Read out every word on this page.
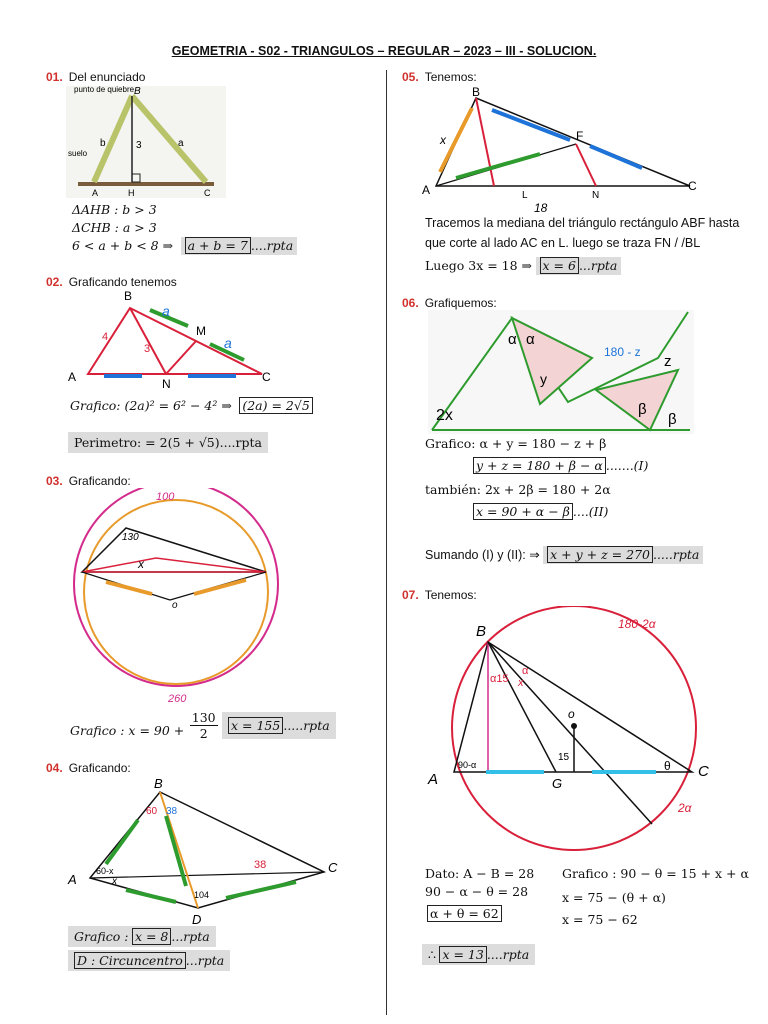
GEOMETRIA - S02 - TRIANGULOS – REGULAR – 2023 – III - SOLUCION.
01. Del enunciado
punto de quiebre B
suelo
b	a
3
A	H	C
ΔAHB : b > 3
ΔCHB : a > 3
6 < a + b < 8 ⇒ a + b = 7 ....rpta
02. Graficando tenemos
B
A	N	C
M
4
3
a
a
Grafico: (2a)² = 6² − 4² ⇒ (2a) = 2√5
Perimetro: = 2(5 + √5)....rpta
03. Graficando:
100
260
130
x
o
Grafico : $x = 90 + \frac{130}{2}$	x = 155 .....rpta
04. Graficando:
B
A
C
D
60 38
60-x
x
38
104
Grafico : x = 8 ...rpta
D : Circuncentro ...rpta
05. Tenemos:
B
A	C
F
N
L
18
x
Tracemos la mediana del triángulo rectángulo ABF hasta
que corte al lado AC en L. luego se traza FN / /BL
Luego 3x = 18 ⇒ x = 6 ...rpta
06. Grafiquemos:
2x
α α
y
β
β
z
180 - z
Grafico: α + y = 180 − z + β
y + z = 180 + β − α .......(I)
también: 2x + 2β = 180 + 2α
x = 90 + α − β ....(II)
Sumando (I) y (II): ⇒ x + y + z = 270 .....rpta
07. Tenemos:
B
A	C
G
o
180-2α
2α
α15 x
α
15
90-α	θ
Dato: A − B = 28
90 − α − θ = 28
α + θ = 62
Grafico : 90 − θ = 15 + x + α
x = 75 − (θ + α)
x = 75 − 62
∴ x = 13 ....rpta
